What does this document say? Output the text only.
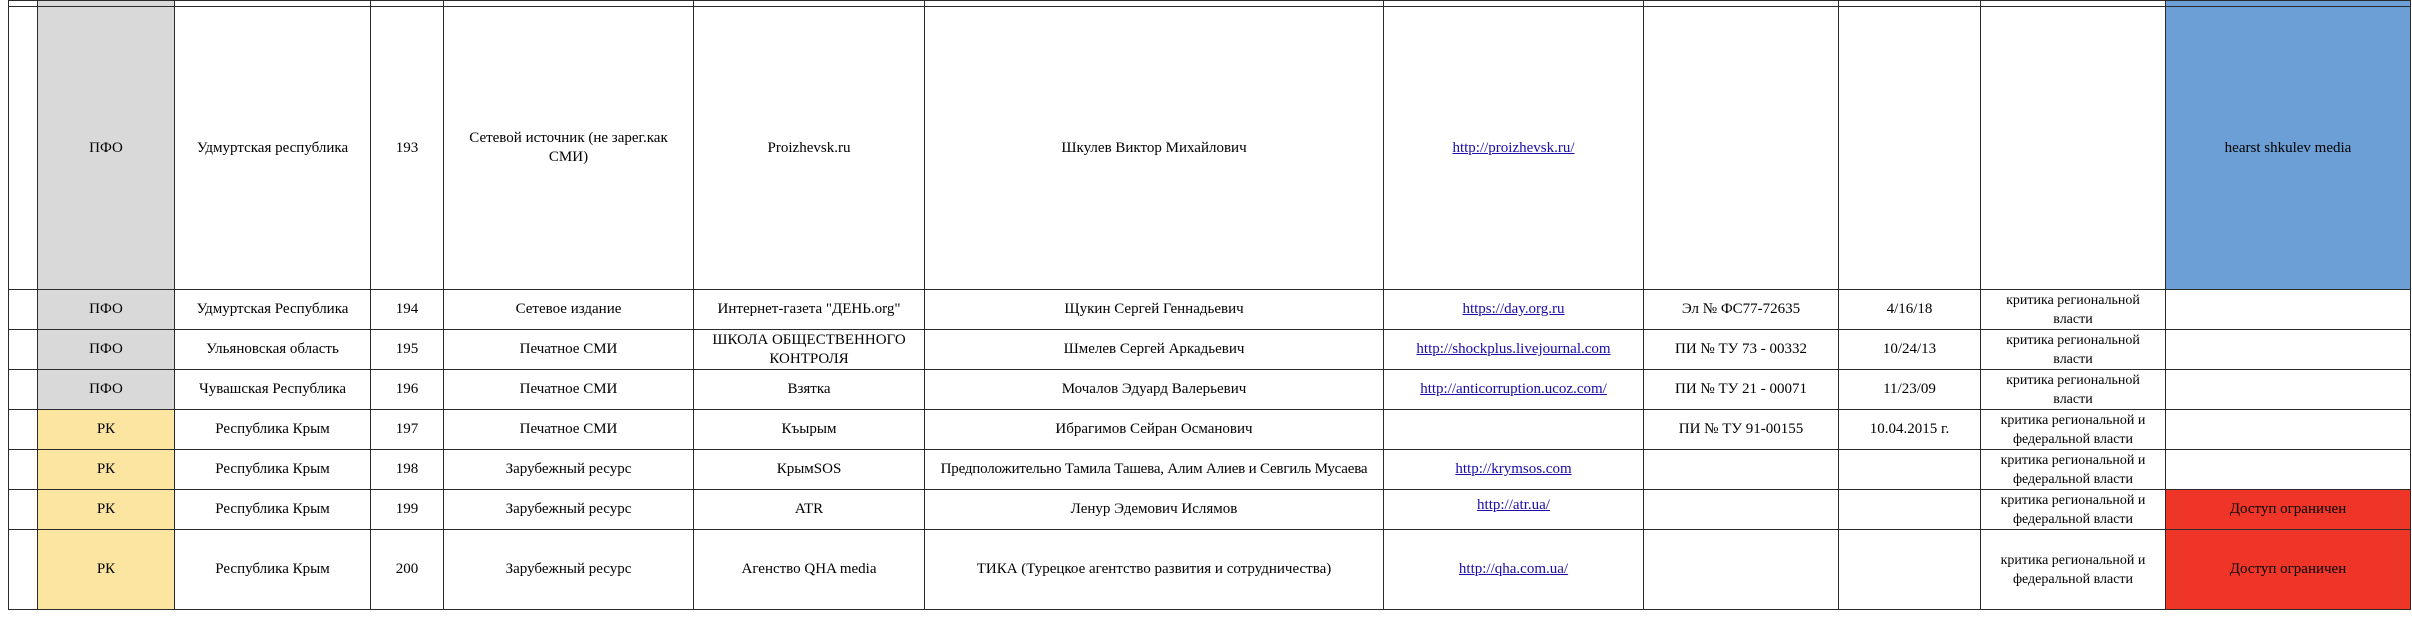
	ПФО	Удмуртская республика	193	Сетевой источник (не зарег.как СМИ)	Proizhevsk.ru	Шкулев Виктор Михайлович	http://proizhevsk.ru/				hearst shkulev media
	ПФО	Удмуртская Республика	194	Сетевое издание	Интернет-газета "ДЕНЬ.org"	Щукин Сергей Геннадьевич	https://day.org.ru	Эл № ФС77-72635	4/16/18	критика региональной власти	
	ПФО	Ульяновская область	195	Печатное СМИ	ШКОЛА ОБЩЕСТВЕННОГО КОНТРОЛЯ	Шмелев Сергей Аркадьевич	http://shockplus.livejournal.com	ПИ № ТУ 73 - 00332	10/24/13	критика региональной власти	
	ПФО	Чувашская Республика	196	Печатное СМИ	Взятка	Мочалов Эдуард Валерьевич	http://anticorruption.ucoz.com/	ПИ № ТУ 21 - 00071	11/23/09	критика региональной власти	
	РК	Республика Крым	197	Печатное СМИ	Къырым	Ибрагимов Сейран Османович		ПИ № ТУ 91-00155	10.04.2015 г.	критика региональной и федеральной власти	
	РК	Республика Крым	198	Зарубежный ресурс	КрымSOS	Предположительно Тамила Ташева, Алим Алиев и Севгиль Мусаева	http://krymsos.com			критика региональной и федеральной власти	
	РК	Республика Крым	199	Зарубежный ресурс	ATR	Ленур Эдемович Ислямов	http://atr.ua/			критика региональной и федеральной власти	Доступ ограничен
	РК	Республика Крым	200	Зарубежный ресурс	Агенство QHA media	ТИКА (Турецкое агентство развития и сотрудничества)	http://qha.com.ua/			критика региональной и федеральной власти	Доступ ограничен
